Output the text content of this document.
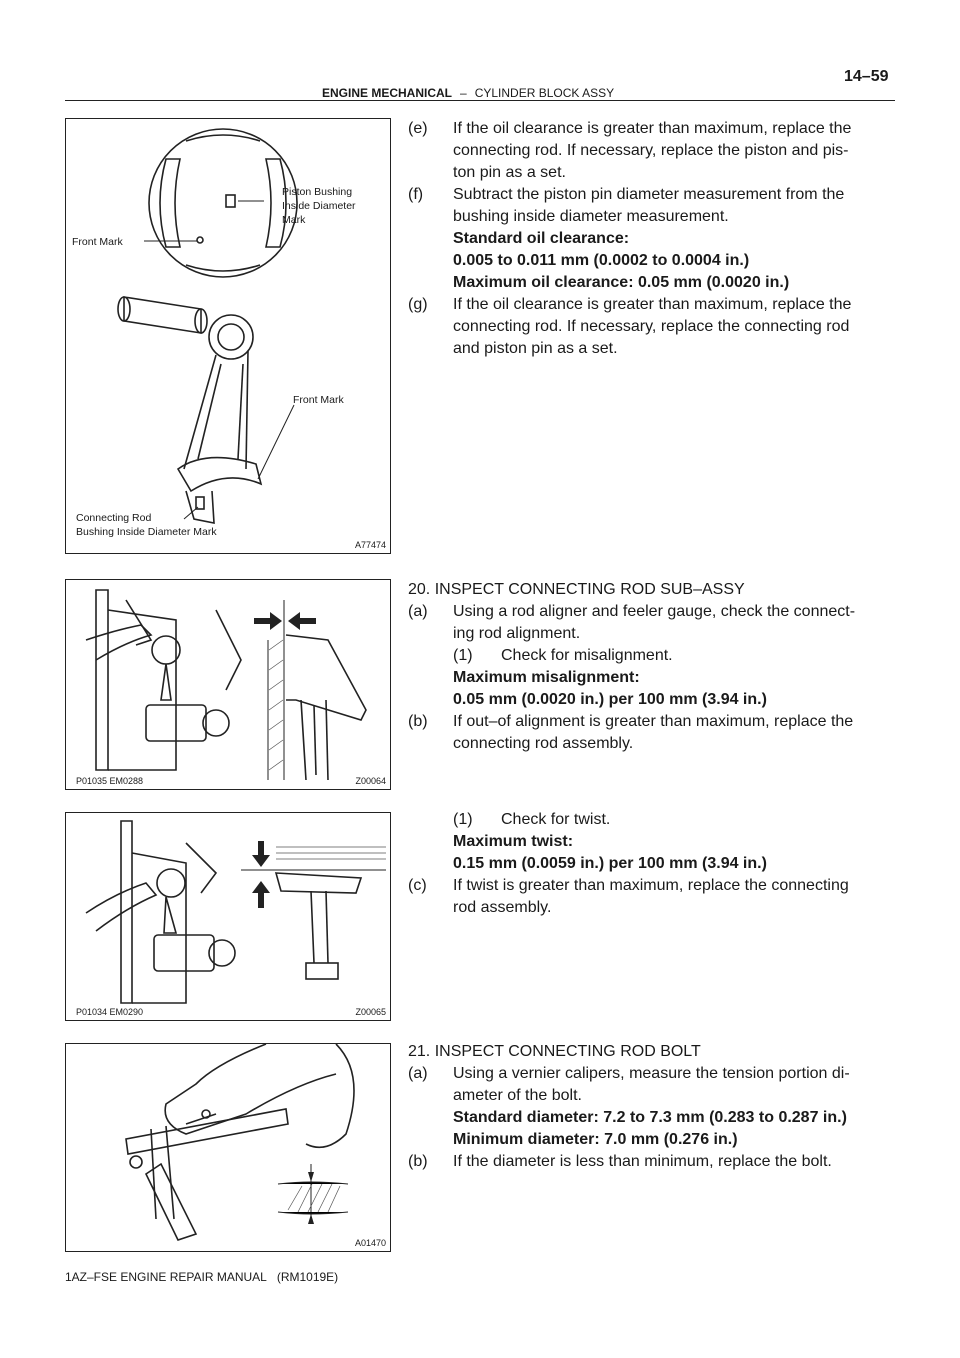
ENGINE MECHANICAL – CYLINDER BLOCK ASSY
14–59
Piston Bushing
Inside Diameter
Mark
Front Mark
Front Mark
Connecting Rod
Bushing Inside Diameter Mark
A77474
P01035 EM0288	Z00064
P01034 EM0290	Z00065
A01470
(e) If the oil clearance is greater than maximum, replace the
connecting rod. If necessary, replace the piston and pis-
ton pin as a set.
(f) Subtract the piston pin diameter measurement from the
bushing inside diameter measurement.
Standard oil clearance:
0.005 to 0.011 mm (0.0002 to 0.0004 in.)
Maximum oil clearance: 0.05 mm (0.0020 in.)
(g) If the oil clearance is greater than maximum, replace the
connecting rod. If necessary, replace the connecting rod
and piston pin as a set.
20. INSPECT CONNECTING ROD SUB–ASSY
(a) Using a rod aligner and feeler gauge, check the connect-
ing rod alignment.
(1) Check for misalignment.
Maximum misalignment:
0.05 mm (0.0020 in.) per 100 mm (3.94 in.)
(b) If out–of alignment is greater than maximum, replace the
connecting rod assembly.
(1) Check for twist.
Maximum twist:
0.15 mm (0.0059 in.) per 100 mm (3.94 in.)
(c) If twist is greater than maximum, replace the connecting
rod assembly.
21. INSPECT CONNECTING ROD BOLT
(a) Using a vernier calipers, measure the tension portion di-
ameter of the bolt.
Standard diameter: 7.2 to 7.3 mm (0.283 to 0.287 in.)
Minimum diameter: 7.0 mm (0.276 in.)
(b) If the diameter is less than minimum, replace the bolt.
1AZ–FSE ENGINE REPAIR MANUAL (RM1019E)
